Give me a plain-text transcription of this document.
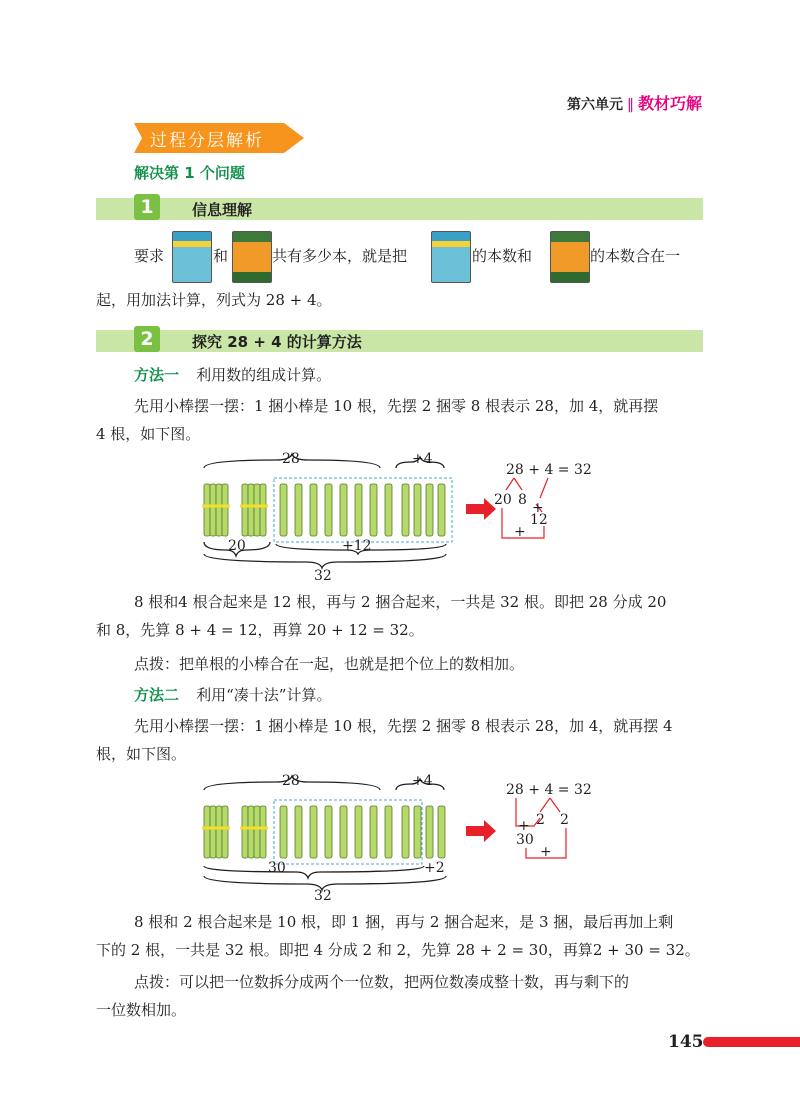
第六单元 ‖ 教材巧解
过程分层解析
解决第 1 个问题
1	信息理解
要求	和	共有多少本，就是把	的本数和	的本数合在一
起，用加法计算，列式为 28 + 4。
2	探究 28 + 4 的计算方法
方法一 利用数的组成计算。
先用小棒摆一摆：1 捆小棒是 10 根，先摆 2 捆零 8 根表示 28，加 4，就再摆
4 根，如下图。
28	+4
20	+12
32
28 + 4 = 32
20 8 +
12
+
8 根和4 根合起来是 12 根，再与 2 捆合起来，一共是 32 根。即把 28 分成 20
和 8，先算 8 + 4 = 12，再算 20 + 12 = 32。
点拨：把单根的小棒合在一起，也就是把个位上的数相加。
方法二 利用“凑十法”计算。
先用小棒摆一摆：1 捆小棒是 10 根，先摆 2 捆零 8 根表示 28，加 4，就再摆 4
根，如下图。
28	+4
30	+2
32
28 + 4 = 32
2 2
+
30
+
8 根和 2 根合起来是 10 根，即 1 捆，再与 2 捆合起来，是 3 捆，最后再加上剩
下的 2 根，一共是 32 根。即把 4 分成 2 和 2，先算 28 + 2 = 30，再算2 + 30 = 32。
点拨：可以把一位数拆分成两个一位数，把两位数凑成整十数，再与剩下的
一位数相加。
145
